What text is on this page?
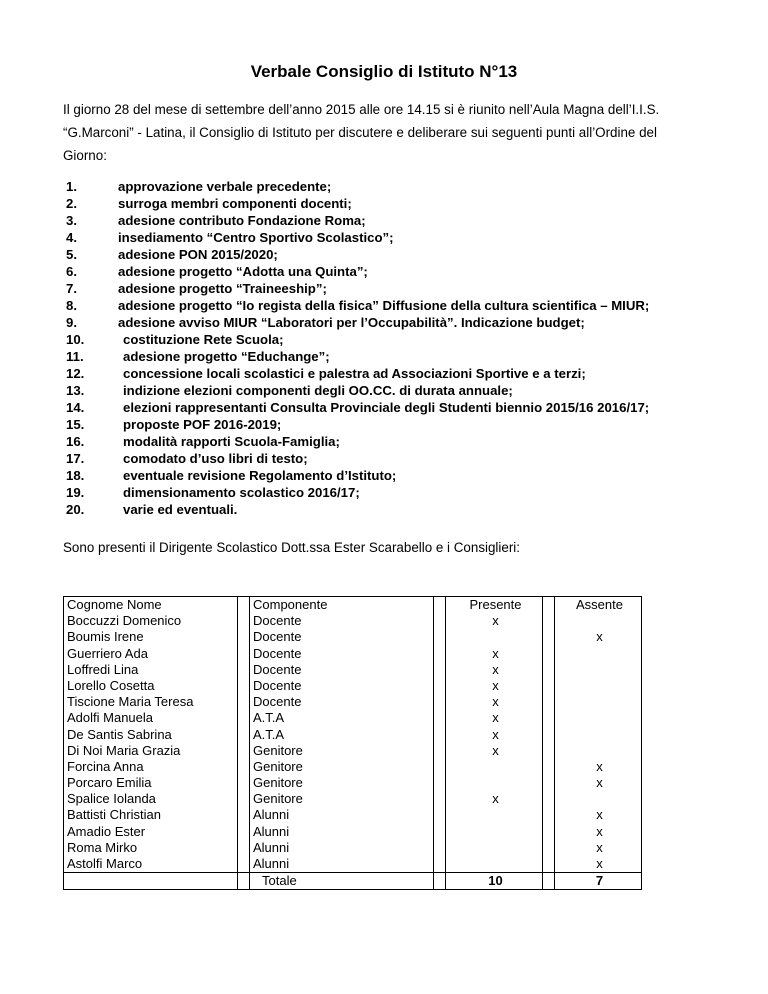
Verbale Consiglio di Istituto N°13
Il giorno 28 del mese di settembre dell’anno 2015 alle ore 14.15 si è riunito nell’Aula Magna dell’I.I.S. “G.Marconi” - Latina, il Consiglio di Istituto per discutere e deliberare sui seguenti punti all’Ordine del Giorno:
1.	approvazione verbale precedente;
2.	surroga membri componenti docenti;
3.	adesione contributo Fondazione Roma;
4.	insediamento “Centro Sportivo Scolastico”;
5.	adesione PON 2015/2020;
6.	adesione progetto “Adotta una Quinta”;
7.	adesione progetto “Traineeship”;
8.	adesione progetto “Io regista della fisica” Diffusione della cultura scientifica – MIUR;
9.	adesione avviso MIUR “Laboratori per l’Occupabilità”. Indicazione budget;
10.	costituzione Rete Scuola;
11.	adesione progetto “Educhange”;
12.	concessione locali scolastici e palestra ad Associazioni Sportive e a terzi;
13.	indizione elezioni componenti degli OO.CC. di durata annuale;
14.	elezioni rappresentanti Consulta Provinciale degli Studenti biennio 2015/16 2016/17;
15.	proposte POF 2016-2019;
16.	modalità rapporti Scuola-Famiglia;
17.	comodato d’uso libri di testo;
18.	eventuale revisione Regolamento d’Istituto;
19.	dimensionamento scolastico 2016/17;
20.	varie ed eventuali.
Sono presenti il Dirigente Scolastico Dott.ssa Ester Scarabello e i Consiglieri:
Cognome Nome		Componente		Presente		Assente
Boccuzzi Domenico		Docente		x		
Boumis Irene		Docente				x
Guerriero Ada		Docente		x		
Loffredi Lina		Docente		x		
Lorello Cosetta		Docente		x		
Tiscione Maria Teresa		Docente		x		
Adolfi Manuela		A.T.A		x		
De Santis Sabrina		A.T.A		x		
Di Noi Maria Grazia		Genitore		x		
Forcina Anna		Genitore				x
Porcaro Emilia		Genitore				x
Spalice Iolanda		Genitore		x		
Battisti Christian		Alunni				x
Amadio Ester		Alunni				x
Roma Mirko		Alunni				x
Astolfi Marco		Alunni				x
		Totale		10		7
